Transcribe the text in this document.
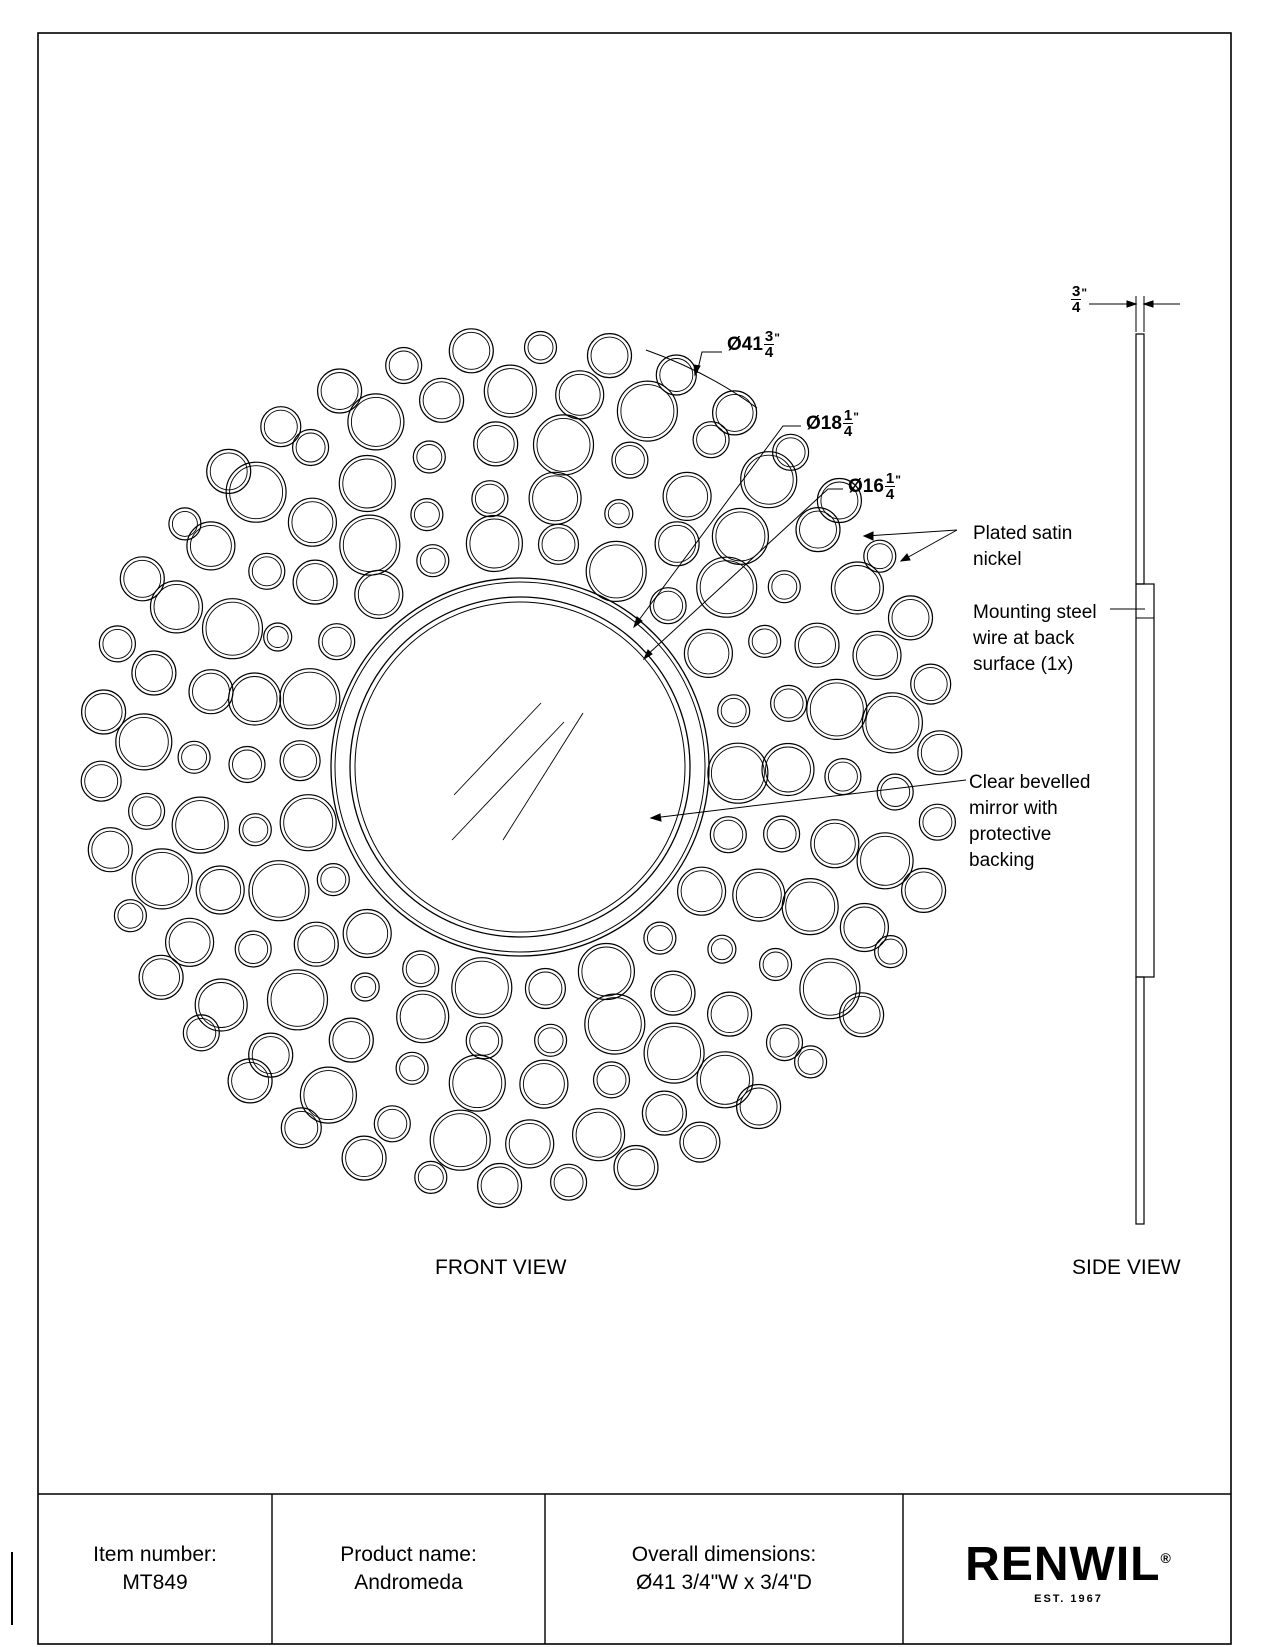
Ø41 $\frac{3}{4}$ "
Ø18 $\frac{1}{4}$ "
Ø16 $\frac{1}{4}$ "
$\frac{3}{4}$ "
Plated satin
nickel
Mounting steel
wire at back
surface (1x)
Clear bevelled
mirror with
protective
backing
FRONT VIEW	SIDE VIEW
Item number:
MT849
Product name:
Andromeda
Overall dimensions:
Ø41 3/4"W x 3/4"D	RENWIL®
EST. 1967
